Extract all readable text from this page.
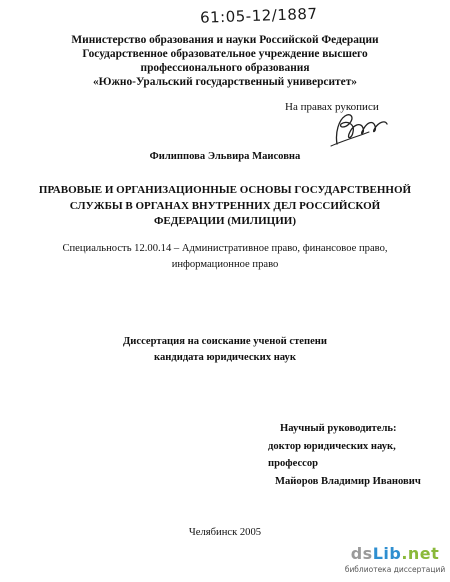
61:05-12/1887
Министерство образования и науки Российской Федерации
Государственное образовательное учреждение высшего
профессионального образования
«Южно-Уральский государственный университет»
На правах рукописи
Филиппова Эльвира Маисовна
ПРАВОВЫЕ И ОРГАНИЗАЦИОННЫЕ ОСНОВЫ ГОСУДАРСТВЕННОЙ
СЛУЖБЫ В ОРГАНАХ ВНУТРЕННИХ ДЕЛ РОССИЙСКОЙ
ФЕДЕРАЦИИ (МИЛИЦИИ)
Специальность 12.00.14 – Административное право, финансовое право,
информационное право
Диссертация на соискание ученой степени
кандидата юридических наук
Научный руководитель:
доктор юридических наук, профессор
Майоров Владимир Иванович
Челябинск 2005
dsLib.net
библиотека диссертаций
